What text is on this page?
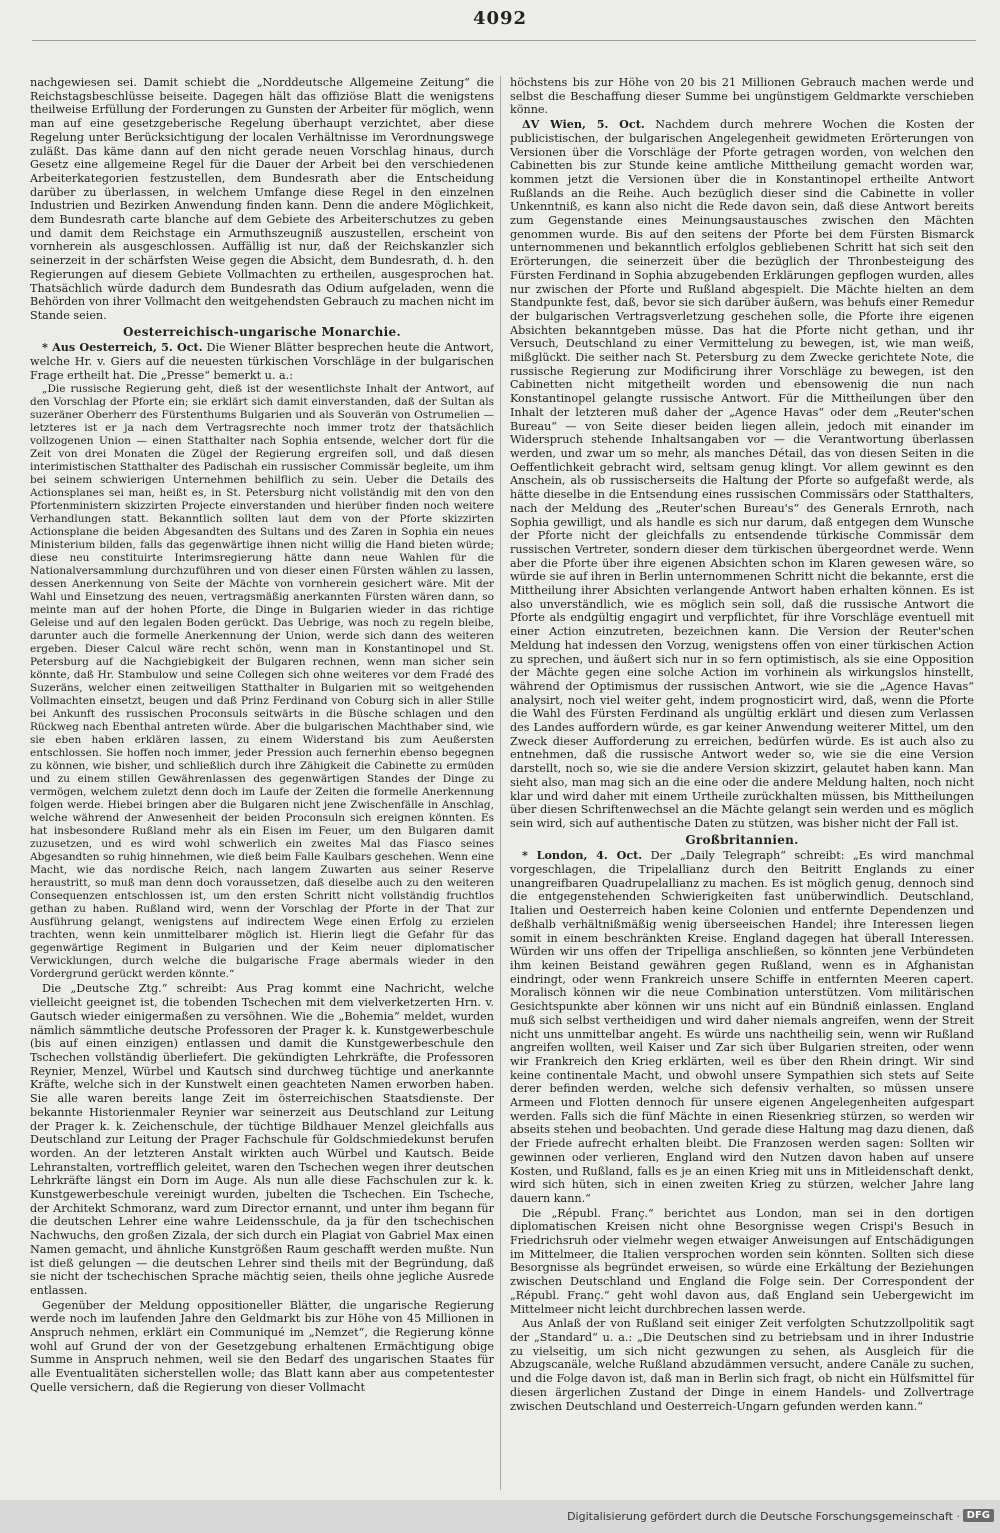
4092

nachgewiesen sei. Damit schiebt die „Norddeutsche Allgemeine Zeitung“ die Reichstagsbeschlüsse beiseite. Dagegen hält das offiziöse Blatt die wenigstens theilweise Erfüllung der Forderungen zu Gunsten der Arbeiter für möglich, wenn man auf eine gesetzgeberische Regelung überhaupt verzichtet, aber diese Regelung unter Berücksichtigung der localen Verhältnisse im Verordnungswege zuläßt. Das käme dann auf den nicht gerade neuen Vorschlag hinaus, durch Gesetz eine allgemeine Regel für die Dauer der Arbeit bei den verschiedenen Arbeiterkategorien festzustellen, dem Bundesrath aber die Entscheidung darüber zu überlassen, in welchem Umfange diese Regel in den einzelnen Industrien und Bezirken Anwendung finden kann. Denn die andere Möglichkeit, dem Bundesrath carte blanche auf dem Gebiete des Arbeiterschutzes zu geben und damit dem Reichstage ein Armuthszeugniß auszustellen, erscheint von vornherein als ausgeschlossen. Auffällig ist nur, daß der Reichskanzler sich seinerzeit in der schärfsten Weise gegen die Absicht, dem Bundesrath, d. h. den Regierungen auf diesem Gebiete Vollmachten zu ertheilen, ausgesprochen hat. Thatsächlich würde dadurch dem Bundesrath das Odium aufgeladen, wenn die Behörden von ihrer Vollmacht den weitgehendsten Gebrauch zu machen nicht im Stande seien.

Oesterreichisch-ungarische Monarchie.

* Aus Oesterreich, 5. Oct. Die Wiener Blätter besprechen heute die Antwort, welche Hr. v. Giers auf die neuesten türkischen Vorschläge in der bulgarischen Frage ertheilt hat. Die „Presse“ bemerkt u. a.:

„Die russische Regierung geht, dieß ist der wesentlichste Inhalt der Antwort, auf den Vorschlag der Pforte ein; sie erklärt sich damit einverstanden, daß der Sultan als suzeräner Oberherr des Fürstenthums Bulgarien und als Souverän von Ostrumelien — letzteres ist er ja nach dem Vertragsrechte noch immer trotz der thatsächlich vollzogenen Union — einen Statthalter nach Sophia entsende, welcher dort für die Zeit von drei Monaten die Zügel der Regierung ergreifen soll, und daß diesen interimistischen Statthalter des Padischah ein russischer Commissär begleite, um ihm bei seinem schwierigen Unternehmen behilflich zu sein. Ueber die Details des Actionsplanes sei man, heißt es, in St. Petersburg nicht vollständig mit den von den Pfortenministern skizzirten Projecte einverstanden und hierüber finden noch weitere Verhandlungen statt. Bekanntlich sollten laut dem von der Pforte skizzirten Actionsplane die beiden Abgesandten des Sultans und des Zaren in Sophia ein neues Ministerium bilden, falls das gegenwärtige ihnen nicht willig die Hand bieten würde; diese neu constituirte Interimsregierung hätte dann neue Wahlen für die Nationalversammlung durchzuführen und von dieser einen Fürsten wählen zu lassen, dessen Anerkennung von Seite der Mächte von vornherein gesichert wäre. Mit der Wahl und Einsetzung des neuen, vertragsmäßig anerkannten Fürsten wären dann, so meinte man auf der hohen Pforte, die Dinge in Bulgarien wieder in das richtige Geleise und auf den legalen Boden gerückt. Das Uebrige, was noch zu regeln bleibe, darunter auch die formelle Anerkennung der Union, werde sich dann des weiteren ergeben. Dieser Calcul wäre recht schön, wenn man in Konstantinopel und St. Petersburg auf die Nachgiebigkeit der Bulgaren rechnen, wenn man sicher sein könnte, daß Hr. Stambulow und seine Collegen sich ohne weiteres vor dem Fradé des Suzeräns, welcher einen zeitweiligen Statthalter in Bulgarien mit so weitgehenden Vollmachten einsetzt, beugen und daß Prinz Ferdinand von Coburg sich in aller Stille bei Ankunft des russischen Proconsuls seitwärts in die Büsche schlagen und den Rückweg nach Ebenthal antreten würde. Aber die bulgarischen Machthaber sind, wie sie eben haben erklären lassen, zu einem Widerstand bis zum Aeußersten entschlossen. Sie hoffen noch immer, jeder Pression auch fernerhin ebenso begegnen zu können, wie bisher, und schließlich durch ihre Zähigkeit die Cabinette zu ermüden und zu einem stillen Gewährenlassen des gegenwärtigen Standes der Dinge zu vermögen, welchem zuletzt denn doch im Laufe der Zeiten die formelle Anerkennung folgen werde. Hiebei bringen aber die Bulgaren nicht jene Zwischenfälle in Anschlag, welche während der Anwesenheit der beiden Proconsuln sich ereignen könnten. Es hat insbesondere Rußland mehr als ein Eisen im Feuer, um den Bulgaren damit zuzusetzen, und es wird wohl schwerlich ein zweites Mal das Fiasco seines Abgesandten so ruhig hinnehmen, wie dieß beim Falle Kaulbars geschehen. Wenn eine Macht, wie das nordische Reich, nach langem Zuwarten aus seiner Reserve heraustritt, so muß man denn doch voraussetzen, daß dieselbe auch zu den weiteren Consequenzen entschlossen ist, um den ersten Schritt nicht vollständig fruchtlos gethan zu haben. Rußland wird, wenn der Vorschlag der Pforte in der That zur Ausführung gelangt, wenigstens auf indirectem Wege einen Erfolg zu erzielen trachten, wenn kein unmittelbarer möglich ist. Hierin liegt die Gefahr für das gegenwärtige Regiment in Bulgarien und der Keim neuer diplomatischer Verwicklungen, durch welche die bulgarische Frage abermals wieder in den Vordergrund gerückt werden könnte.“

Die „Deutsche Ztg.“ schreibt: Aus Prag kommt eine Nachricht, welche vielleicht geeignet ist, die tobenden Tschechen mit dem vielverketzerten Hrn. v. Gautsch wieder einigermaßen zu versöhnen. Wie die „Bohemia“ meldet, wurden nämlich sämmtliche deutsche Professoren der Prager k. k. Kunstgewerbeschule (bis auf einen einzigen) entlassen und damit die Kunstgewerbeschule den Tschechen vollständig überliefert. Die gekündigten Lehrkräfte, die Professoren Reynier, Menzel, Würbel und Kautsch sind durchweg tüchtige und anerkannte Kräfte, welche sich in der Kunstwelt einen geachteten Namen erworben haben. Sie alle waren bereits lange Zeit im österreichischen Staatsdienste. Der bekannte Historienmaler Reynier war seinerzeit aus Deutschland zur Leitung der Prager k. k. Zeichenschule, der tüchtige Bildhauer Menzel gleichfalls aus Deutschland zur Leitung der Prager Fachschule für Goldschmiedekunst berufen worden. An der letzteren Anstalt wirkten auch Würbel und Kautsch. Beide Lehranstalten, vortrefflich geleitet, waren den Tschechen wegen ihrer deutschen Lehrkräfte längst ein Dorn im Auge. Als nun alle diese Fachschulen zur k. k. Kunstgewerbeschule vereinigt wurden, jubelten die Tschechen. Ein Tscheche, der Architekt Schmoranz, ward zum Director ernannt, und unter ihm begann für die deutschen Lehrer eine wahre Leidensschule, da ja für den tschechischen Nachwuchs, den großen Zizala, der sich durch ein Plagiat von Gabriel Max einen Namen gemacht, und ähnliche Kunstgrößen Raum geschafft werden mußte. Nun ist dieß gelungen — die deutschen Lehrer sind theils mit der Begründung, daß sie nicht der tschechischen Sprache mächtig seien, theils ohne jegliche Ausrede entlassen.

Gegenüber der Meldung oppositioneller Blätter, die ungarische Regierung werde noch im laufenden Jahre den Geldmarkt bis zur Höhe von 45 Millionen in Anspruch nehmen, erklärt ein Communiqué im „Nemzet“, die Regierung könne wohl auf Grund der von der Gesetzgebung erhaltenen Ermächtigung obige Summe in Anspruch nehmen, weil sie den Bedarf des ungarischen Staates für alle Eventualitäten sicherstellen wolle; das Blatt kann aber aus competentester Quelle versichern, daß die Regierung von dieser Vollmacht

höchstens bis zur Höhe von 20 bis 21 Millionen Gebrauch machen werde und selbst die Beschaffung dieser Summe bei ungünstigem Geldmarkte verschieben könne.

ΔV Wien, 5. Oct. Nachdem durch mehrere Wochen die Kosten der publicistischen, der bulgarischen Angelegenheit gewidmeten Erörterungen von Versionen über die Vorschläge der Pforte getragen worden, von welchen den Cabinetten bis zur Stunde keine amtliche Mittheilung gemacht worden war, kommen jetzt die Versionen über die in Konstantinopel ertheilte Antwort Rußlands an die Reihe. Auch bezüglich dieser sind die Cabinette in voller Unkenntniß, es kann also nicht die Rede davon sein, daß diese Antwort bereits zum Gegenstande eines Meinungsaustausches zwischen den Mächten genommen wurde. Bis auf den seitens der Pforte bei dem Fürsten Bismarck unternommenen und bekanntlich erfolglos gebliebenen Schritt hat sich seit den Erörterungen, die seinerzeit über die bezüglich der Thronbesteigung des Fürsten Ferdinand in Sophia abzugebenden Erklärungen gepflogen wurden, alles nur zwischen der Pforte und Rußland abgespielt. Die Mächte hielten an dem Standpunkte fest, daß, bevor sie sich darüber äußern, was behufs einer Remedur der bulgarischen Vertragsverletzung geschehen solle, die Pforte ihre eigenen Absichten bekanntgeben müsse. Das hat die Pforte nicht gethan, und ihr Versuch, Deutschland zu einer Vermittelung zu bewegen, ist, wie man weiß, mißglückt. Die seither nach St. Petersburg zu dem Zwecke gerichtete Note, die russische Regierung zur Modificirung ihrer Vorschläge zu bewegen, ist den Cabinetten nicht mitgetheilt worden und ebensowenig die nun nach Konstantinopel gelangte russische Antwort. Für die Mittheilungen über den Inhalt der letzteren muß daher der „Agence Havas“ oder dem „Reuter'schen Bureau“ — von Seite dieser beiden liegen allein, jedoch mit einander im Widerspruch stehende Inhaltsangaben vor — die Verantwortung überlassen werden, und zwar um so mehr, als manches Détail, das von diesen Seiten in die Oeffentlichkeit gebracht wird, seltsam genug klingt. Vor allem gewinnt es den Anschein, als ob russischerseits die Haltung der Pforte so aufgefaßt werde, als hätte dieselbe in die Entsendung eines russischen Commissärs oder Statthalters, nach der Meldung des „Reuter'schen Bureau's“ des Generals Ernroth, nach Sophia gewilligt, und als handle es sich nur darum, daß entgegen dem Wunsche der Pforte nicht der gleichfalls zu entsendende türkische Commissär dem russischen Vertreter, sondern dieser dem türkischen übergeordnet werde. Wenn aber die Pforte über ihre eigenen Absichten schon im Klaren gewesen wäre, so würde sie auf ihren in Berlin unternommenen Schritt nicht die bekannte, erst die Mittheilung ihrer Absichten verlangende Antwort haben erhalten können. Es ist also unverständlich, wie es möglich sein soll, daß die russische Antwort die Pforte als endgültig engagirt und verpflichtet, für ihre Vorschläge eventuell mit einer Action einzutreten, bezeichnen kann. Die Version der Reuter'schen Meldung hat indessen den Vorzug, wenigstens offen von einer türkischen Action zu sprechen, und äußert sich nur in so fern optimistisch, als sie eine Opposition der Mächte gegen eine solche Action im vorhinein als wirkungslos hinstellt, während der Optimismus der russischen Antwort, wie sie die „Agence Havas“ analysirt, noch viel weiter geht, indem prognosticirt wird, daß, wenn die Pforte die Wahl des Fürsten Ferdinand als ungültig erklärt und diesen zum Verlassen des Landes auffordern würde, es gar keiner Anwendung weiterer Mittel, um den Zweck dieser Aufforderung zu erreichen, bedürfen würde. Es ist auch also zu entnehmen, daß die russische Antwort weder so, wie sie die eine Version darstellt, noch so, wie sie die andere Version skizzirt, gelautet haben kann. Man sieht also, man mag sich an die eine oder die andere Meldung halten, noch nicht klar und wird daher mit einem Urtheile zurückhalten müssen, bis Mittheilungen über diesen Schriftenwechsel an die Mächte gelangt sein werden und es möglich sein wird, sich auf authentische Daten zu stützen, was bisher nicht der Fall ist.

Großbritannien.

* London, 4. Oct. Der „Daily Telegraph“ schreibt: „Es wird manchmal vorgeschlagen, die Tripelallianz durch den Beitritt Englands zu einer unangreifbaren Quadrupelallianz zu machen. Es ist möglich genug, dennoch sind die entgegenstehenden Schwierigkeiten fast unüberwindlich. Deutschland, Italien und Oesterreich haben keine Colonien und entfernte Dependenzen und deßhalb verhältnißmäßig wenig überseeischen Handel; ihre Interessen liegen somit in einem beschränkten Kreise. England dagegen hat überall Interessen. Würden wir uns offen der Tripelliga anschließen, so könnten jene Verbündeten ihm keinen Beistand gewähren gegen Rußland, wenn es in Afghanistan eindringt, oder wenn Frankreich unsere Schiffe in entfernten Meeren capert. Moralisch können wir die neue Combination unterstützen. Vom militärischen Gesichtspunkte aber können wir uns nicht auf ein Bündniß einlassen. England muß sich selbst vertheidigen und wird daher niemals angreifen, wenn der Streit nicht uns unmittelbar angeht. Es würde uns nachtheilig sein, wenn wir Rußland angreifen wollten, weil Kaiser und Zar sich über Bulgarien streiten, oder wenn wir Frankreich den Krieg erklärten, weil es über den Rhein dringt. Wir sind keine continentale Macht, und obwohl unsere Sympathien sich stets auf Seite derer befinden werden, welche sich defensiv verhalten, so müssen unsere Armeen und Flotten dennoch für unsere eigenen Angelegenheiten aufgespart werden. Falls sich die fünf Mächte in einen Riesenkrieg stürzen, so werden wir abseits stehen und beobachten. Und gerade diese Haltung mag dazu dienen, daß der Friede aufrecht erhalten bleibt. Die Franzosen werden sagen: Sollten wir gewinnen oder verlieren, England wird den Nutzen davon haben auf unsere Kosten, und Rußland, falls es je an einen Krieg mit uns in Mitleidenschaft denkt, wird sich hüten, sich in einen zweiten Krieg zu stürzen, welcher Jahre lang dauern kann.“

Die „Républ. Franç.“ berichtet aus London, man sei in den dortigen diplomatischen Kreisen nicht ohne Besorgnisse wegen Crispi's Besuch in Friedrichsruh oder vielmehr wegen etwaiger Anweisungen auf Entschädigungen im Mittelmeer, die Italien versprochen worden sein könnten. Sollten sich diese Besorgnisse als begründet erweisen, so würde eine Erkältung der Beziehungen zwischen Deutschland und England die Folge sein. Der Correspondent der „Républ. Franç.“ geht wohl davon aus, daß England sein Uebergewicht im Mittelmeer nicht leicht durchbrechen lassen werde.

Aus Anlaß der von Rußland seit einiger Zeit verfolgten Schutzzollpolitik sagt der „Standard“ u. a.: „Die Deutschen sind zu betriebsam und in ihrer Industrie zu vielseitig, um sich nicht gezwungen zu sehen, als Ausgleich für die Abzugscanäle, welche Rußland abzudämmen versucht, andere Canäle zu suchen, und die Folge davon ist, daß man in Berlin sich fragt, ob nicht ein Hülfsmittel für diesen ärgerlichen Zustand der Dinge in einem Handels- und Zollvertrage zwischen Deutschland und Oesterreich-Ungarn gefunden werden kann.“

Digitalisierung gefördert durch die Deutsche Forschungsgemeinschaft · DFG
